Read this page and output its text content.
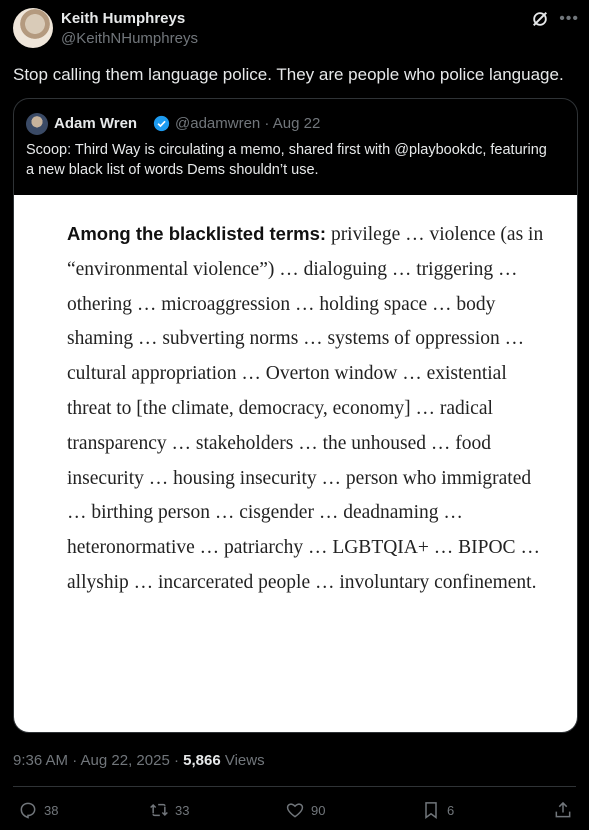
Keith Humphreys
@KeithNHumphreys
•••
Stop calling them language police. They are people who police language.
Adam Wren	@adamwren · Aug 22
Scoop: Third Way is circulating a memo, shared first with @playbookdc, featuring a new black list of words Dems shouldn’t use.
Among the blacklisted terms: privilege … violence (as in “environmental violence”) … dialoguing … triggering … othering … microaggression … holding space … body shaming … subverting norms … systems of oppression … cultural appropriation … Overton window … existential threat to [the climate, democracy, economy] … radical transparency … stakeholders … the unhoused … food insecurity … housing insecurity … person who immigrated … birthing person … cisgender … deadnaming … heteronormative … patriarchy … LGBTQIA+ … BIPOC … allyship … incarcerated people … involuntary confinement.
9:36 AM · Aug 22, 2025 · 5,866 Views
38	33	90	6
